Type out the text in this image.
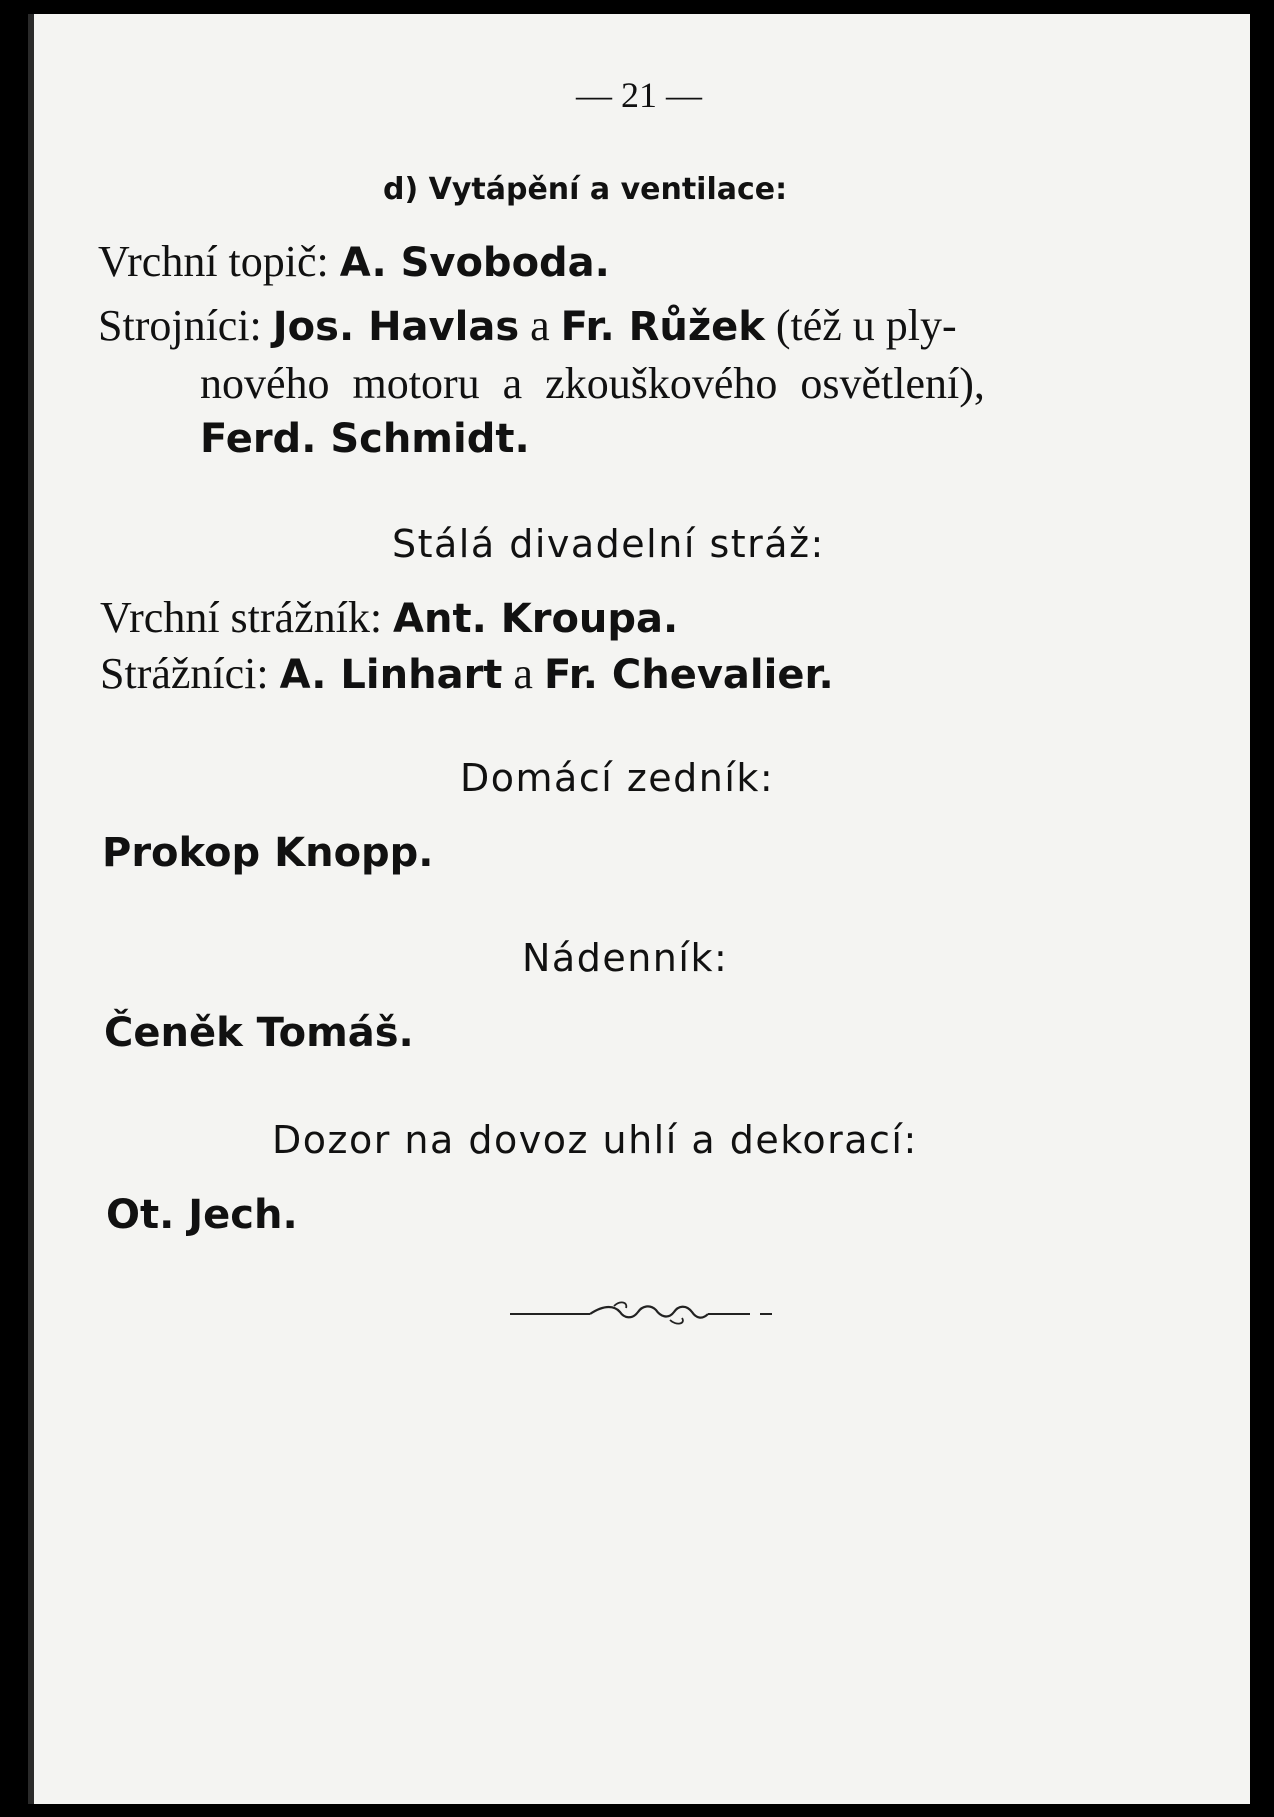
— 21 —
d) Vytápění a ventilace:
Vrchní topič: A. Svoboda.
Strojníci: Jos. Havlas a Fr. Růžek (též u ply-
nového motoru a zkouškového osvětlení),
Ferd. Schmidt.
Stálá divadelní stráž:
Vrchní strážník: Ant. Kroupa.
Strážníci: A. Linhart a Fr. Chevalier.
Domácí zedník:
Prokop Knopp.
Nádenník:
Čeněk Tomáš.
Dozor na dovoz uhlí a dekorací:
Ot. Jech.
